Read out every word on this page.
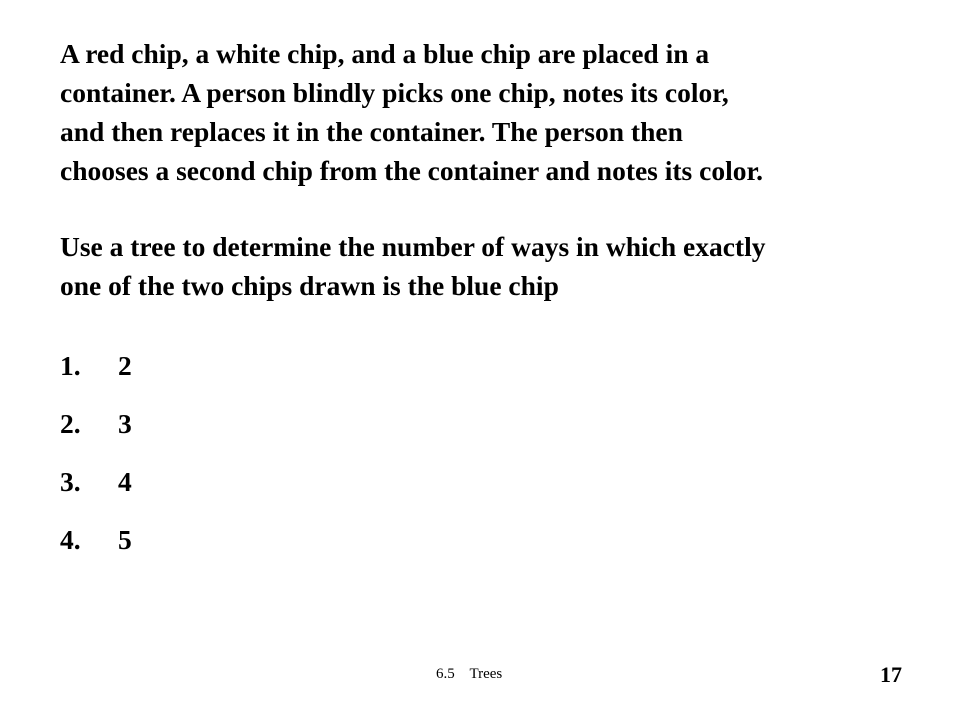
A red chip, a white chip, and a blue chip are placed in a
container. A person blindly picks one chip, notes its color,
and then replaces it in the container. The person then
chooses a second chip from the container and notes its color.
Use a tree to determine the number of ways in which exactly
one of the two chips drawn is the blue chip
1. 2
2. 3
3. 4
4. 5
6.5    Trees	17
